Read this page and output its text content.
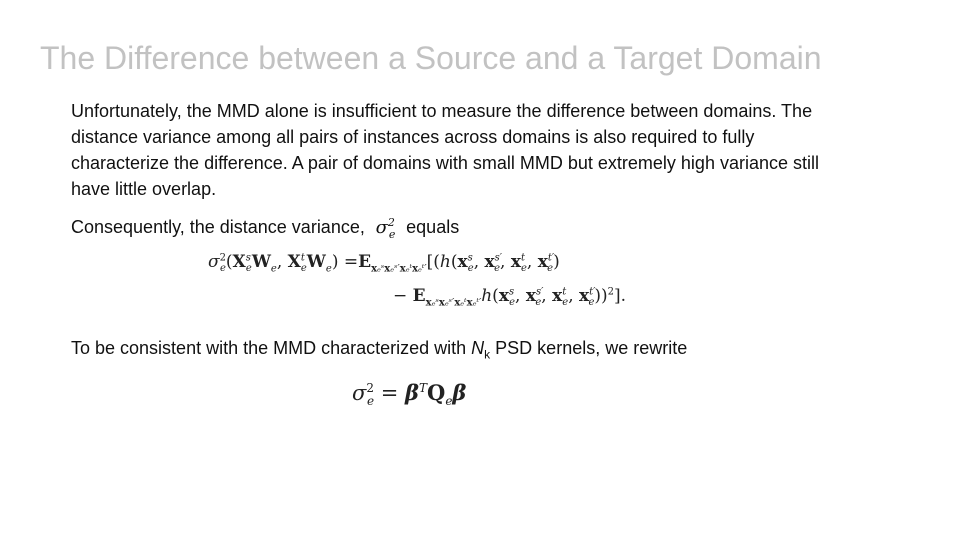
The Difference between a Source and a Target Domain

Unfortunately, the MMD alone is insufficient to measure the difference between domains. The distance variance among all pairs of instances across domains is also required to fully characterize the difference. A pair of domains with small MMD but extremely high variance still have little overlap.

Consequently, the distance variance,  $\sigma^2_e$ equals

$\sigma^2_e(X^s_eW_e$, $X^t_eW_e) =E_{x_eˢx_eˢ'x_eᵗx_eᵗ'}[(h(x^s_e$, $x^{s'}_e$, $x^t_e$, $x^{t'}_e$)
− $E_{x_eˢx_eˢ'x_eᵗx_eᵗ'}h(x^s_e$, $x^{s'}_e$, $x^t_e$, $x^{t'}_e))^2$].
To be consistent with the MMD characterized with $N_k$ PSD kernels, we rewrite
$\sigma^2_e = \beta^TQ_e\beta$
